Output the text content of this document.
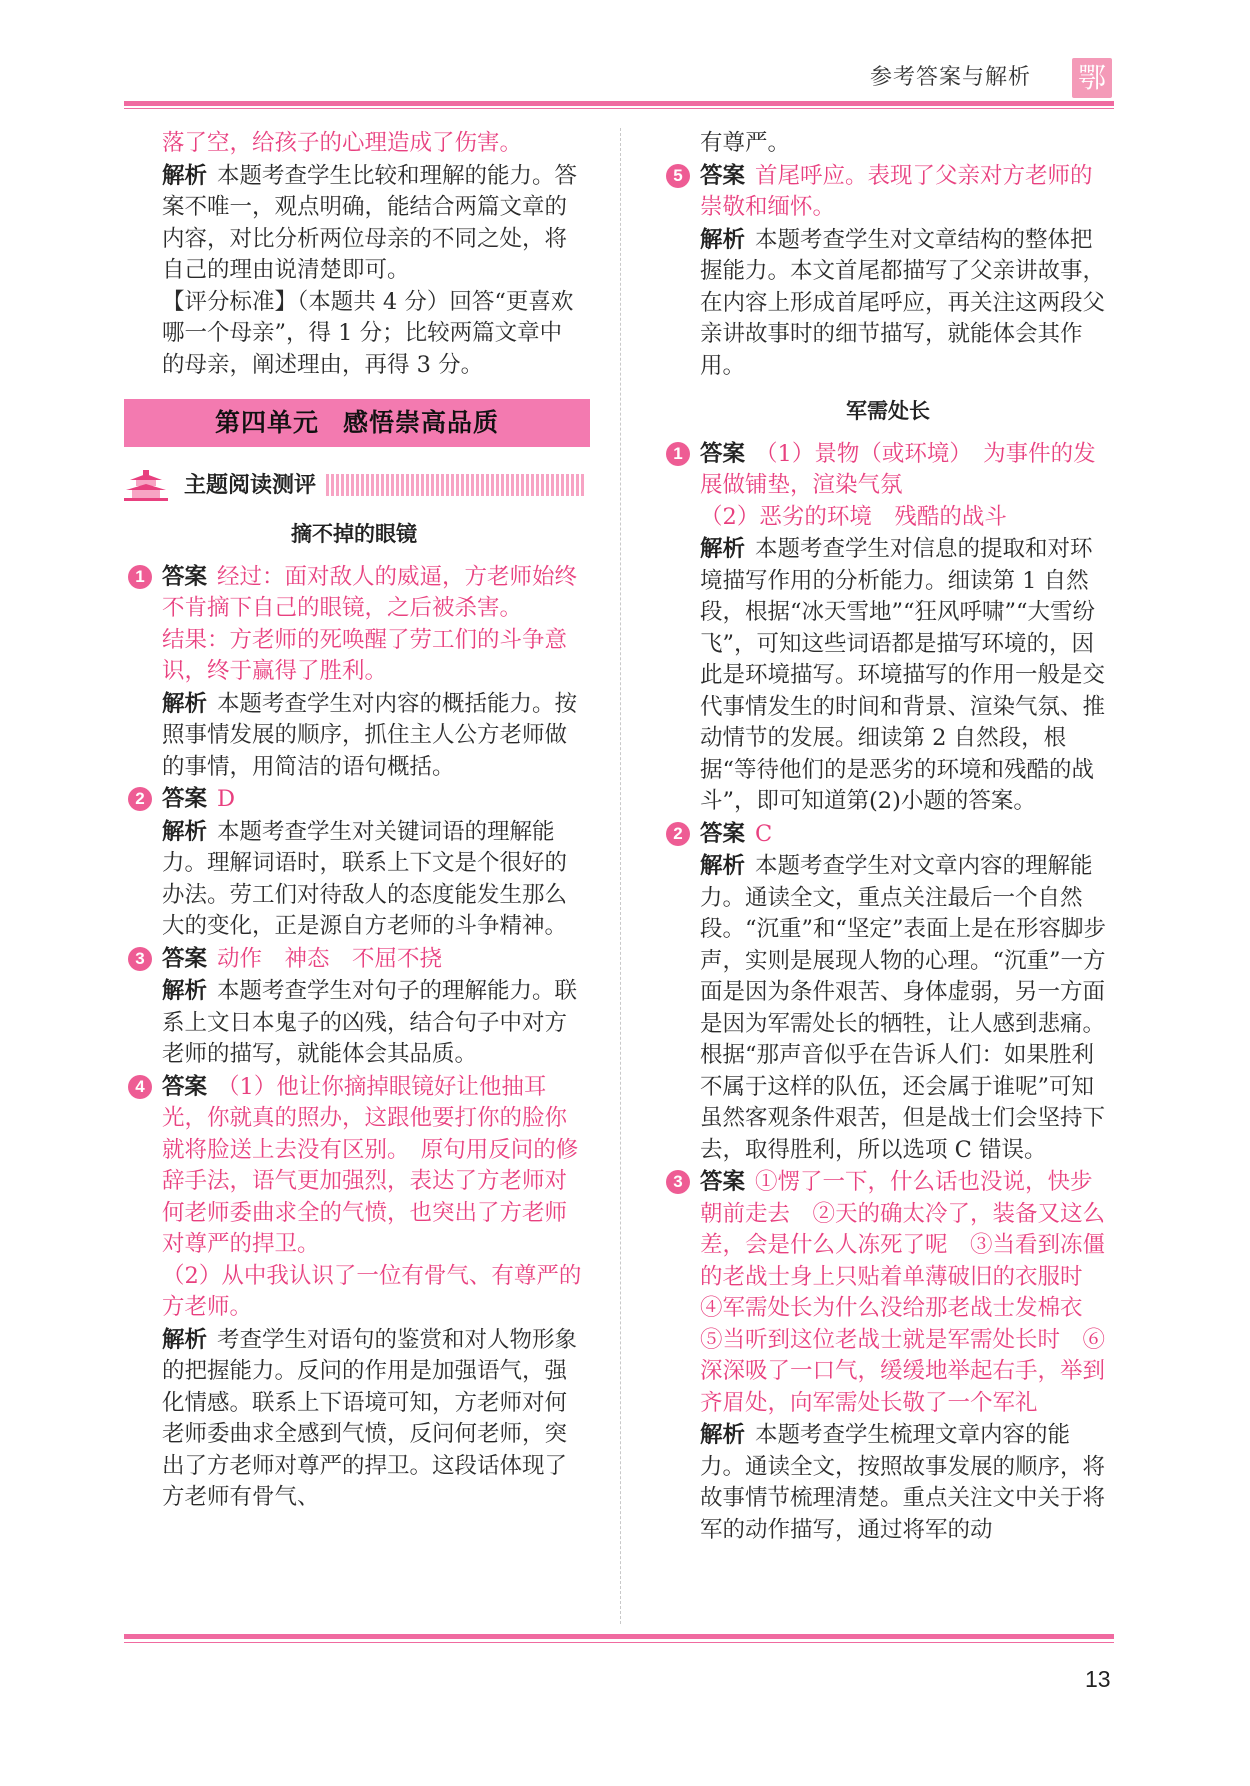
参考答案与解析 鄂

落了空，给孩子的心理造成了伤害。

解析 本题考查学生比较和理解的能力。答案不唯一，观点明确，能结合两篇文章的内容，对比分析两位母亲的不同之处，将自己的理由说清楚即可。

【评分标准】（本题共 4 分）回答“更喜欢哪一个母亲”，得 1 分；比较两篇文章中的母亲，阐述理由，再得 3 分。

第四单元 感悟崇高品质
主题阅读测评
摘不掉的眼镜
1 答案 经过：面对敌人的威逼，方老师始终不肯摘下自己的眼镜，之后被杀害。

结果：方老师的死唤醒了劳工们的斗争意识，终于赢得了胜利。

解析 本题考查学生对内容的概括能力。按照事情发展的顺序，抓住主人公方老师做的事情，用简洁的语句概括。

2 答案 D

解析 本题考查学生对关键词语的理解能力。理解词语时，联系上下文是个很好的办法。劳工们对待敌人的态度能发生那么大的变化，正是源自方老师的斗争精神。

3 答案 动作　神态　不屈不挠

解析 本题考查学生对句子的理解能力。联系上文日本鬼子的凶残，结合句子中对方老师的描写，就能体会其品质。

4 答案 （1）他让你摘掉眼镜好让他抽耳光，你就真的照办，这跟他要打你的脸你就将脸送上去没有区别。　原句用反问的修辞手法，语气更加强烈，表达了方老师对何老师委曲求全的气愤，也突出了方老师对尊严的捍卫。

（2）从中我认识了一位有骨气、有尊严的方老师。

解析 考查学生对语句的鉴赏和对人物形象的把握能力。反问的作用是加强语气，强化情感。联系上下语境可知，方老师对何老师委曲求全感到气愤，反问何老师，突出了方老师对尊严的捍卫。这段话体现了方老师有骨气、

有尊严。

5 答案 首尾呼应。表现了父亲对方老师的崇敬和缅怀。

解析 本题考查学生对文章结构的整体把握能力。本文首尾都描写了父亲讲故事，在内容上形成首尾呼应，再关注这两段父亲讲故事时的细节描写，就能体会其作用。

军需处长
1 答案 （1）景物（或环境）　为事件的发展做铺垫，渲染气氛

（2）恶劣的环境　残酷的战斗

解析 本题考查学生对信息的提取和对环境描写作用的分析能力。细读第 1 自然段，根据“冰天雪地”“狂风呼啸”“大雪纷飞”，可知这些词语都是描写环境的，因此是环境描写。环境描写的作用一般是交代事情发生的时间和背景、渲染气氛、推动情节的发展。细读第 2 自然段，根据“等待他们的是恶劣的环境和残酷的战斗”，即可知道第(2)小题的答案。

2 答案 C

解析 本题考查学生对文章内容的理解能力。通读全文，重点关注最后一个自然段。“沉重”和“坚定”表面上是在形容脚步声，实则是展现人物的心理。“沉重”一方面是因为条件艰苦、身体虚弱，另一方面是因为军需处长的牺牲，让人感到悲痛。根据“那声音似乎在告诉人们：如果胜利不属于这样的队伍，还会属于谁呢”可知虽然客观条件艰苦，但是战士们会坚持下去，取得胜利，所以选项 C 错误。

3 答案 ①愣了一下，什么话也没说，快步朝前走去　②天的确太冷了，装备又这么差，会是什么人冻死了呢　③当看到冻僵的老战士身上只贴着单薄破旧的衣服时　④军需处长为什么没给那老战士发棉衣　⑤当听到这位老战士就是军需处长时　⑥深深吸了一口气，缓缓地举起右手，举到齐眉处，向军需处长敬了一个军礼

解析 本题考查学生梳理文章内容的能力。通读全文，按照故事发展的顺序，将故事情节梳理清楚。重点关注文中关于将军的动作描写，通过将军的动

13
